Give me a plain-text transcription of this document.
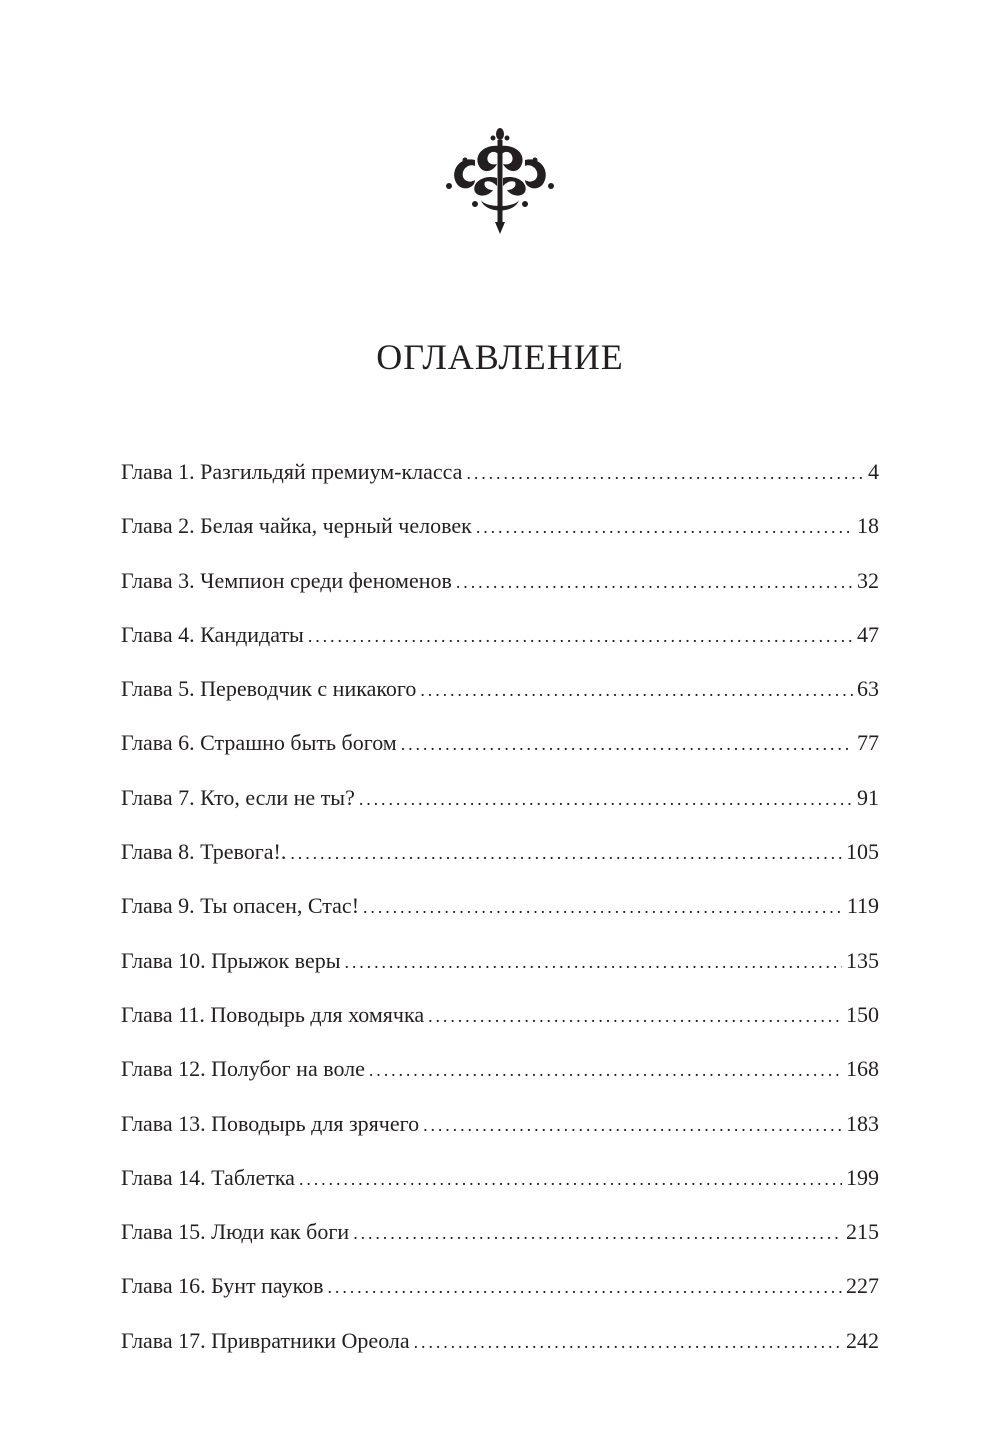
ОГЛАВЛЕНИЕ
Глава 1. Разгильдяй премиум-класса . . .	4
Глава 2. Белая чайка, черный человек . . .	18
Глава 3. Чемпион среди феноменов . . .	32
Глава 4. Кандидаты . . .	47
Глава 5. Переводчик с никакого . . .	63
Глава 6. Страшно быть богом . . .	77
Глава 7. Кто, если не ты? . . .	91
Глава 8. Тревога!. . . .	105
Глава 9. Ты опасен, Стас! . . .	119
Глава 10. Прыжок веры . . .	135
Глава 11. Поводырь для хомячка . . .	150
Глава 12. Полубог на воле . . .	168
Глава 13. Поводырь для зрячего . . .	183
Глава 14. Таблетка . . .	199
Глава 15. Люди как боги . . .	215
Глава 16. Бунт пауков . . .	227
Глава 17. Привратники Ореола . . .	242
